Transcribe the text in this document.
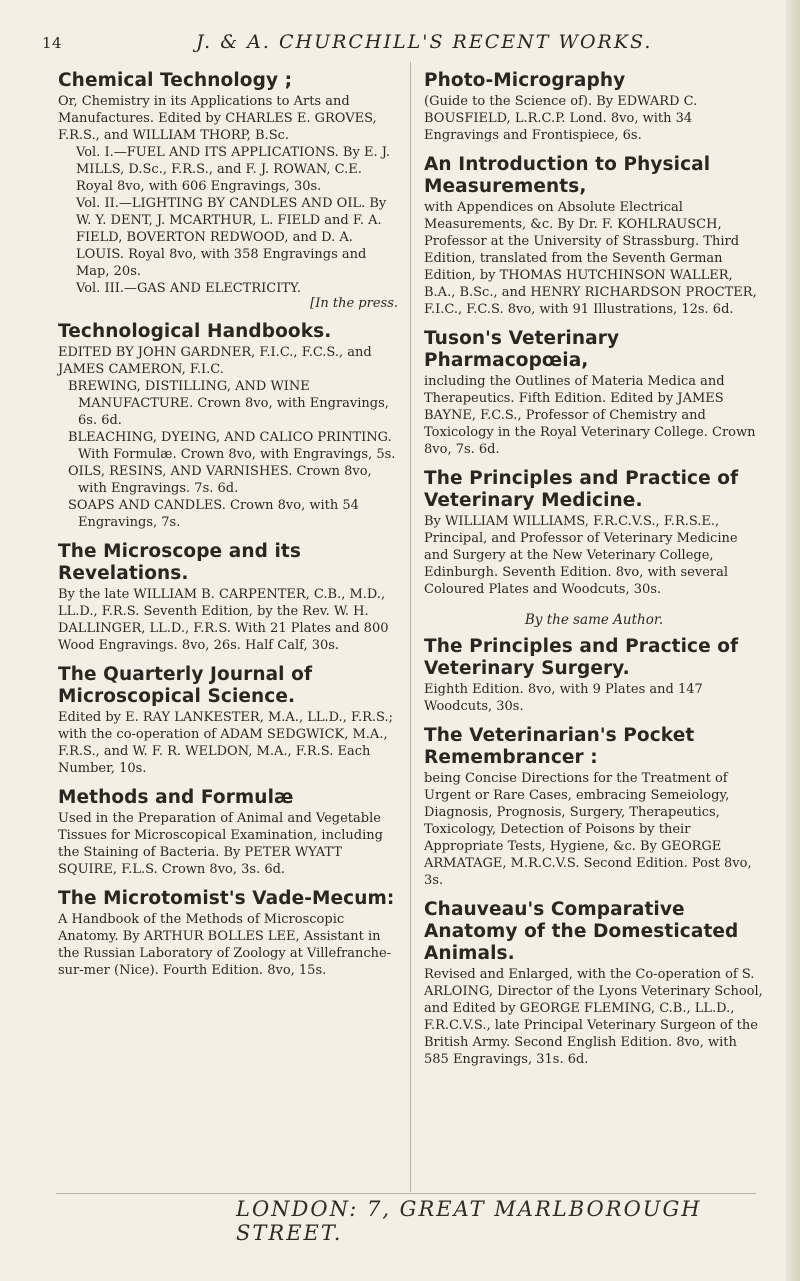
14	J. & A. CHURCHILL'S RECENT WORKS.
Chemical Technology ;
Or, Chemistry in its Applications to Arts and Manufactures. Edited by CHARLES E. GROVES, F.R.S., and WILLIAM THORP, B.Sc.
Vol. I.—FUEL AND ITS APPLICATIONS. By E. J. MILLS, D.Sc., F.R.S., and F. J. ROWAN, C.E. Royal 8vo, with 606 Engravings, 30s.
Vol. II.—LIGHTING BY CANDLES AND OIL. By W. Y. DENT, J. MCARTHUR, L. FIELD and F. A. FIELD, BOVERTON REDWOOD, and D. A. LOUIS. Royal 8vo, with 358 Engravings and Map, 20s.
Vol. III.—GAS AND ELECTRICITY.
[In the press.
Technological Handbooks.
EDITED BY JOHN GARDNER, F.I.C., F.C.S., and JAMES CAMERON, F.I.C.
BREWING, DISTILLING, AND WINE MANUFACTURE. Crown 8vo, with Engravings, 6s. 6d.
BLEACHING, DYEING, AND CALICO PRINTING. With Formulæ. Crown 8vo, with Engravings, 5s.
OILS, RESINS, AND VARNISHES. Crown 8vo, with Engravings. 7s. 6d.
SOAPS AND CANDLES. Crown 8vo, with 54 Engravings, 7s.
The Microscope and its Revelations.
By the late WILLIAM B. CARPENTER, C.B., M.D., LL.D., F.R.S. Seventh Edition, by the Rev. W. H. DALLINGER, LL.D., F.R.S. With 21 Plates and 800 Wood Engravings. 8vo, 26s. Half Calf, 30s.
The Quarterly Journal of Microscopical Science.
Edited by E. RAY LANKESTER, M.A., LL.D., F.R.S.; with the co-operation of ADAM SEDGWICK, M.A., F.R.S., and W. F. R. WELDON, M.A., F.R.S. Each Number, 10s.
Methods and Formulæ
Used in the Preparation of Animal and Vegetable Tissues for Microscopical Examination, including the Staining of Bacteria. By PETER WYATT SQUIRE, F.L.S. Crown 8vo, 3s. 6d.
The Microtomist's Vade-Mecum:
A Handbook of the Methods of Microscopic Anatomy. By ARTHUR BOLLES LEE, Assistant in the Russian Laboratory of Zoology at Villefranche-sur-mer (Nice). Fourth Edition. 8vo, 15s.
Photo-Micrography
(Guide to the Science of). By EDWARD C. BOUSFIELD, L.R.C.P. Lond. 8vo, with 34 Engravings and Frontispiece, 6s.
An Introduction to Physical Measurements,
with Appendices on Absolute Electrical Measurements, &c. By Dr. F. KOHLRAUSCH, Professor at the University of Strassburg. Third Edition, translated from the Seventh German Edition, by THOMAS HUTCHINSON WALLER, B.A., B.Sc., and HENRY RICHARDSON PROCTER, F.I.C., F.C.S. 8vo, with 91 Illustrations, 12s. 6d.
Tuson's Veterinary Pharmacopœia,
including the Outlines of Materia Medica and Therapeutics. Fifth Edition. Edited by JAMES BAYNE, F.C.S., Professor of Chemistry and Toxicology in the Royal Veterinary College. Crown 8vo, 7s. 6d.
The Principles and Practice of Veterinary Medicine.
By WILLIAM WILLIAMS, F.R.C.V.S., F.R.S.E., Principal, and Professor of Veterinary Medicine and Surgery at the New Veterinary College, Edinburgh. Seventh Edition. 8vo, with several Coloured Plates and Woodcuts, 30s.
By the same Author.
The Principles and Practice of Veterinary Surgery.
Eighth Edition. 8vo, with 9 Plates and 147 Woodcuts, 30s.
The Veterinarian's Pocket Remembrancer :
being Concise Directions for the Treatment of Urgent or Rare Cases, embracing Semeiology, Diagnosis, Prognosis, Surgery, Therapeutics, Toxicology, Detection of Poisons by their Appropriate Tests, Hygiene, &c. By GEORGE ARMATAGE, M.R.C.V.S. Second Edition. Post 8vo, 3s.
Chauveau's Comparative Anatomy of the Domesticated Animals.
Revised and Enlarged, with the Co-operation of S. ARLOING, Director of the Lyons Veterinary School, and Edited by GEORGE FLEMING, C.B., LL.D., F.R.C.V.S., late Principal Veterinary Surgeon of the British Army. Second English Edition. 8vo, with 585 Engravings, 31s. 6d.
LONDON: 7, GREAT MARLBOROUGH STREET.
